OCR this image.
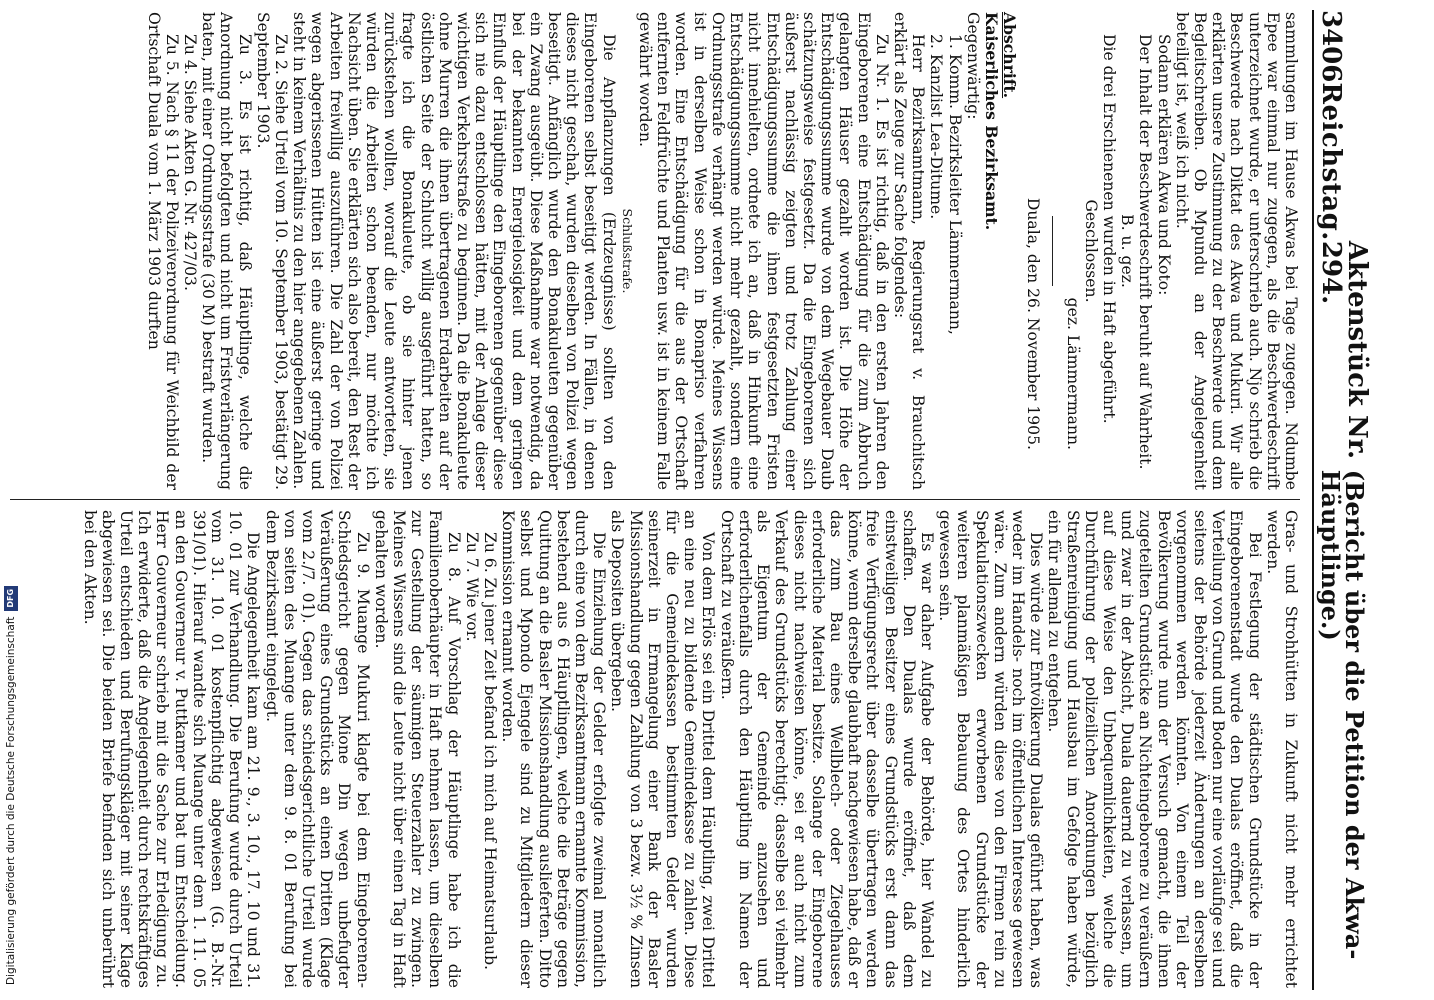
Digitalisierung gefördert durch die Deutsche Forschungsgemeinschaft
DFG
3406
Reichstag.
Aktenstück Nr. 294.
(Bericht über die Petition der Akwa-Häuptlinge.)

sammlungen im Hause Akwas bei Tage zugegen. Ndumbe Epee war einmal nur zugegen, als die Beschwerdeschrift unterzeichnet wurde, er unterschrieb auch. Njo schrieb die Beschwerde nach Diktat des Akwa und Mukuri. Wir alle erklärten unsere Zustimmung zu der Beschwerde und dem Begleitschreiben. Ob Mpundu an der Angelegenheit beteiligt ist, weiß ich nicht.

Sodann erklären Akwa und Koto:

Der Inhalt der Beschwerdeschrift beruht auf Wahrheit.

B. u. gez.

Die drei Erschienenen wurden in Haft abgeführt.

Geschlossen.

gez. Lämmermann.

Duala, den 26. November 1905.

Abschrift.

Kaiserliches Bezirksamt.

Gegenwärtig:

1. Komm. Bezirksleiter Lämmermann,

2. Kanzlist Lea-Ditume.

Herr Bezirksamtmann, Regierungsrat v. Brauchitsch erklärt als Zeuge zur Sache folgendes:

Zu Nr. 1. Es ist richtig, daß in den ersten Jahren den Eingeborenen eine Entschädigung für die zum Abbruch gelangten Häuser gezahlt worden ist. Die Höhe der Entschädigungssumme wurde von dem Wegebauer Daub schätzungsweise festgesetzt. Da die Eingeborenen sich äußerst nachlässig zeigten und trotz Zahlung einer Entschädigungssumme die ihnen festgesetzten Fristen nicht innehielten, ordnete ich an, daß in Hinkunft eine Entschädigungssumme nicht mehr gezahlt, sondern eine Ordnungsstrafe verhängt werden würde. Meines Wissens ist in derselben Weise schon in Bonapriso verfahren worden. Eine Entschädigung für die aus der Ortschaft entfernten Feldfrüchte und Planten usw. ist in keinem Falle gewährt worden.

Schlußstrafe.

Die Anpflanzungen (Erdzeugnisse) sollten von den Eingeborenen selbst beseitigt werden. In Fällen, in denen dieses nicht geschah, wurden dieselben von Polizei wegen beseitigt. Anfänglich wurde den Bonakuleuten gegenüber ein Zwang ausgeübt. Diese Maßnahme war notwendig, da bei der bekannten Energielosigkeit und dem geringen Einfluß der Häuptlinge den Eingeborenen gegenüber diese sich nie dazu entschlossen hätten, mit der Anlage dieser wichtigen Verkehrsstraße zu beginnen. Da die Bonakuleute ohne Murren die ihnen übertragenen Erdarbeiten auf der östlichen Seite der Schlucht willig ausgeführt hatten, so fragte ich die Bonakuleute, ob sie hinter jenen zurückstehen wollten, worauf die Leute antworteten, sie würden die Arbeiten schon beenden, nur möchte ich Nachsicht üben. Sie erklärten sich also bereit, den Rest der Arbeiten freiwillig auszuführen. Die Zahl der von Polizei wegen abgerissenen Hütten ist eine äußerst geringe und steht in keinem Verhältnis zu den hier angegebenen Zahlen.

Zu 2. Siehe Urteil vom 10. September 1903, bestätigt 29. September 1903.

Zu 3. Es ist richtig, daß Häuptlinge, welche die Anordnung nicht befolgten und nicht um Fristverlängerung baten, mit einer Ordnungsstrafe (30 M) bestraft wurden.

Zu 4. Siehe Akten G. Nr. 427/03.

Zu 5. Nach § 11 der Polizeiverordnung für Weichbild der Ortschaft Duala vom 1. März 1903 durften

Gras- und Strohhütten in Zukunft nicht mehr errichtet werden.

Bei Festlegung der städtischen Grundstücke in der Eingeborenenstadt wurde den Dualas eröffnet, daß die Verteilung von Grund und Boden nur eine vorläufige sei und seitens der Behörde jederzeit Änderungen an derselben vorgenommen werden könnten. Von einem Teil der Bevölkerung wurde nun der Versuch gemacht, die ihnen zugeteilten Grundstücke an Nichteingeborene zu veräußern und zwar in der Absicht, Duala dauernd zu verlassen, um auf diese Weise den Unbequemlichkeiten, welche die Durchführung der polizeilichen Anordnungen bezüglich Straßenreinigung und Hausbau im Gefolge haben würde, ein für allemal zu entgehen.

Dies würde zur Entvölkerung Dualas geführt haben, was weder im Handels- noch im öffentlichen Interesse gewesen wäre. Zum andern würden diese von den Firmen rein zu Spekulationszwecken erworbenen Grundstücke der weiteren planmäßigen Bebauung des Ortes hinderlich gewesen sein.

Es war daher Aufgabe der Behörde, hier Wandel zu schaffen. Den Dualas wurde eröffnet, daß dem einstweiligen Besitzer eines Grundstücks erst dann das freie Verfügungsrecht über dasselbe übertragen werden könne, wenn derselbe glaubhaft nachgewiesen habe, daß er das zum Bau eines Wellblech- oder Ziegelhauses erforderliche Material besitze. Solange der Eingeborene dieses nicht nachweisen könne, sei er auch nicht zum Verkauf des Grundstücks berechtigt; dasselbe sei vielmehr als Eigentum der Gemeinde anzusehen und erforderlichenfalls durch den Häuptling im Namen der Ortschaft zu veräußern.

Von dem Erlös sei ein Drittel dem Häuptling, zwei Drittel an eine neu zu bildende Gemeindekasse zu zahlen. Diese für die Gemeindekassen bestimmten Gelder wurden seinerzeit in Ermangelung einer Bank der Basler Missionshandlung gegen Zahlung von 3 bezw. 3½ % Zinsen als Depositen übergeben.

Die Einziehung der Gelder erfolgte zweimal monatlich durch eine von dem Bezirksamtmann ernannte Kommission, bestehend aus 6 Häuptlingen, welche die Beträge gegen Quittung an die Basler Missionshandlung auslieferten. Ditto selbst und Mpondo Ejengele sind zu Mitgliedern dieser Kommission ernannt worden.

Zu 6. Zu jener Zeit befand ich mich auf Heimatsurlaub.

Zu 7. Wie vor.

Zu 8. Auf Vorschlag der Häuptlinge habe ich die Familienoberhäupter in Haft nehmen lassen, um dieselben zur Gestellung der säumigen Steuerzahler zu zwingen. Meines Wissens sind die Leute nicht über einen Tag in Haft gehalten worden.

Zu 9. Muange Mukuri klagte bei dem Eingeborenen-Schiedsgericht gegen Mione Din wegen unbefugter Veräußerung eines Grundstücks an einen Dritten (Klage vom 2./7. 01). Gegen das schiedsgerichtliche Urteil wurde von seiten des Muange unter dem 9. 8. 01 Berufung bei dem Bezirksamt eingelegt.

Die Angelegenheit kam am 21. 9., 3. 10., 17. 10 und 31. 10. 01 zur Verhandlung. Die Berufung wurde durch Urteil vom 31. 10. 01 kostenpflichtig abgewiesen (G. B.-Nr. 391/01). Hierauf wandte sich Muange unter dem 1. 11. 05 an den Gouverneur v. Puttkamer und bat um Entscheidung. Herr Gouverneur schrieb mit die Sache zur Erledigung zu. Ich erwiderte, daß die Angelegenheit durch rechtskräftiges Urteil entschieden und Berufungskläger mit seiner Klage abgewiesen sei. Die beiden Briefe befinden sich unberührt bei den Akten.
